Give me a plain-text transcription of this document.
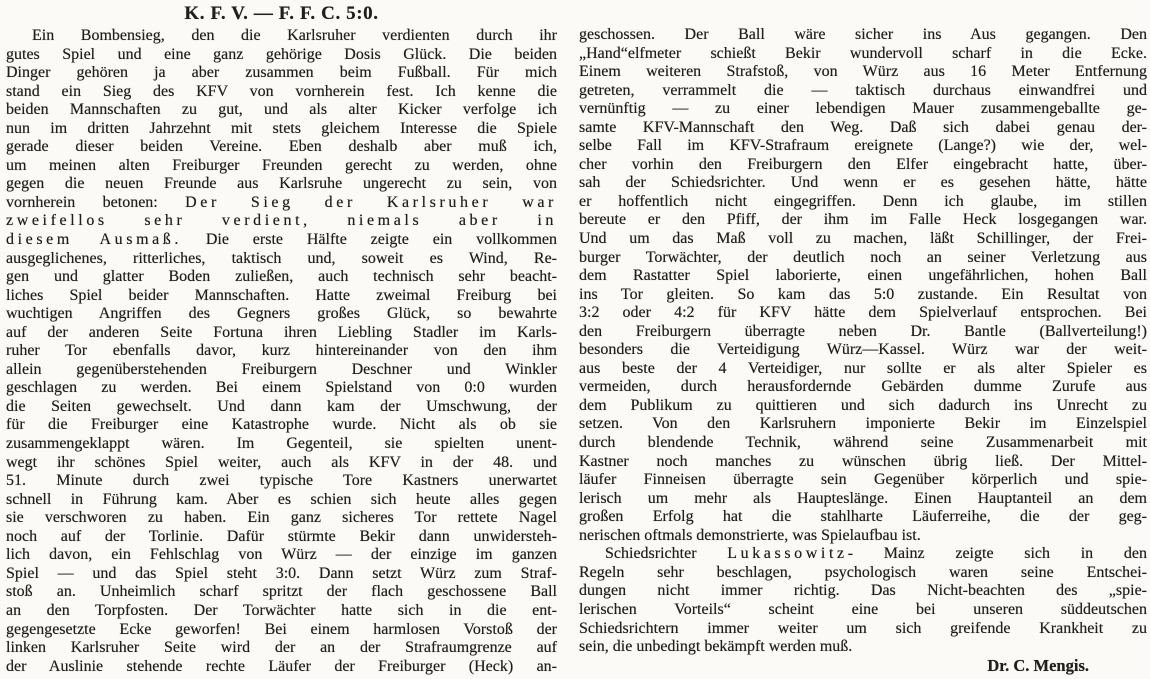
K. F. V. — F. F. C. 5:0.
Ein Bombensieg, den die Karlsruher verdienten durch ihr
gutes Spiel und eine ganz gehörige Dosis Glück. Die beiden
Dinger gehören ja aber zusammen beim Fußball. Für mich
stand ein Sieg des KFV von vornherein fest. Ich kenne die
beiden Mannschaften zu gut, und als alter Kicker verfolge ich
nun im dritten Jahrzehnt mit stets gleichem Interesse die Spiele
gerade dieser beiden Vereine. Eben deshalb aber muß ich,
um meinen alten Freiburger Freunden gerecht zu werden, ohne
gegen die neuen Freunde aus Karlsruhe ungerecht zu sein, von
vornherein betonen: Der Sieg der Karlsruher war
zweifellos sehr verdient, niemals aber in
diesem Ausmaß. Die erste Hälfte zeigte ein vollkommen
ausgeglichenes, ritterliches, taktisch und, soweit es Wind, Re-
gen und glatter Boden zuließen, auch technisch sehr beacht-
liches Spiel beider Mannschaften. Hatte zweimal Freiburg bei
wuchtigen Angriffen des Gegners großes Glück, so bewahrte
auf der anderen Seite Fortuna ihren Liebling Stadler im Karls-
ruher Tor ebenfalls davor, kurz hintereinander von den ihm
allein gegenüberstehenden Freiburgern Deschner und Winkler
geschlagen zu werden. Bei einem Spielstand von 0:0 wurden
die Seiten gewechselt. Und dann kam der Umschwung, der
für die Freiburger eine Katastrophe wurde. Nicht als ob sie
zusammengeklappt wären. Im Gegenteil, sie spielten unent-
wegt ihr schönes Spiel weiter, auch als KFV in der 48. und
51. Minute durch zwei typische Tore Kastners unerwartet
schnell in Führung kam. Aber es schien sich heute alles gegen
sie verschworen zu haben. Ein ganz sicheres Tor rettete Nagel
noch auf der Torlinie. Dafür stürmte Bekir dann unwidersteh-
lich davon, ein Fehlschlag von Würz — der einzige im ganzen
Spiel — und das Spiel steht 3:0. Dann setzt Würz zum Straf-
stoß an. Unheimlich scharf spritzt der flach geschossene Ball
an den Torpfosten. Der Torwächter hatte sich in die ent-
gegengesetzte Ecke geworfen! Bei einem harmlosen Vorstoß der
linken Karlsruher Seite wird der an der Strafraumgrenze auf
der Auslinie stehende rechte Läufer der Freiburger (Heck) an-
geschossen. Der Ball wäre sicher ins Aus gegangen. Den
„Hand“elfmeter schießt Bekir wundervoll scharf in die Ecke.
Einem weiteren Strafstoß, von Würz aus 16 Meter Entfernung
getreten, verrammelt die — taktisch durchaus einwandfrei und
vernünftig — zu einer lebendigen Mauer zusammengeballte ge-
samte KFV-Mannschaft den Weg. Daß sich dabei genau der-
selbe Fall im KFV-Strafraum ereignete (Lange?) wie der, wel-
cher vorhin den Freiburgern den Elfer eingebracht hatte, über-
sah der Schiedsrichter. Und wenn er es gesehen hätte, hätte
er hoffentlich nicht eingegriffen. Denn ich glaube, im stillen
bereute er den Pfiff, der ihm im Falle Heck losgegangen war.
Und um das Maß voll zu machen, läßt Schillinger, der Frei-
burger Torwächter, der deutlich noch an seiner Verletzung aus
dem Rastatter Spiel laborierte, einen ungefährlichen, hohen Ball
ins Tor gleiten. So kam das 5:0 zustande. Ein Resultat von
3:2 oder 4:2 für KFV hätte dem Spielverlauf entsprochen. Bei
den Freiburgern überragte neben Dr. Bantle (Ballverteilung!)
besonders die Verteidigung Würz—Kassel. Würz war der weit-
aus beste der 4 Verteidiger, nur sollte er als alter Spieler es
vermeiden, durch herausfordernde Gebärden dumme Zurufe aus
dem Publikum zu quittieren und sich dadurch ins Unrecht zu
setzen. Von den Karlsruhern imponierte Bekir im Einzelspiel
durch blendende Technik, während seine Zusammenarbeit mit
Kastner noch manches zu wünschen übrig ließ. Der Mittel-
läufer Finneisen überragte sein Gegenüber körperlich und spie-
lerisch um mehr als Haupteslänge. Einen Hauptanteil an dem
großen Erfolg hat die stahlharte Läuferreihe, die der geg-
nerischen oftmals demonstrierte, was Spielaufbau ist.
Schiedsrichter Lukassowitz- Mainz zeigte sich in den
Regeln sehr beschlagen, psychologisch waren seine Entschei-
dungen nicht immer richtig. Das Nicht-beachten des „spie-
lerischen Vorteils“ scheint eine bei unseren süddeutschen
Schiedsrichtern immer weiter um sich greifende Krankheit zu
sein, die unbedingt bekämpft werden muß.
Dr. C. Mengis.
